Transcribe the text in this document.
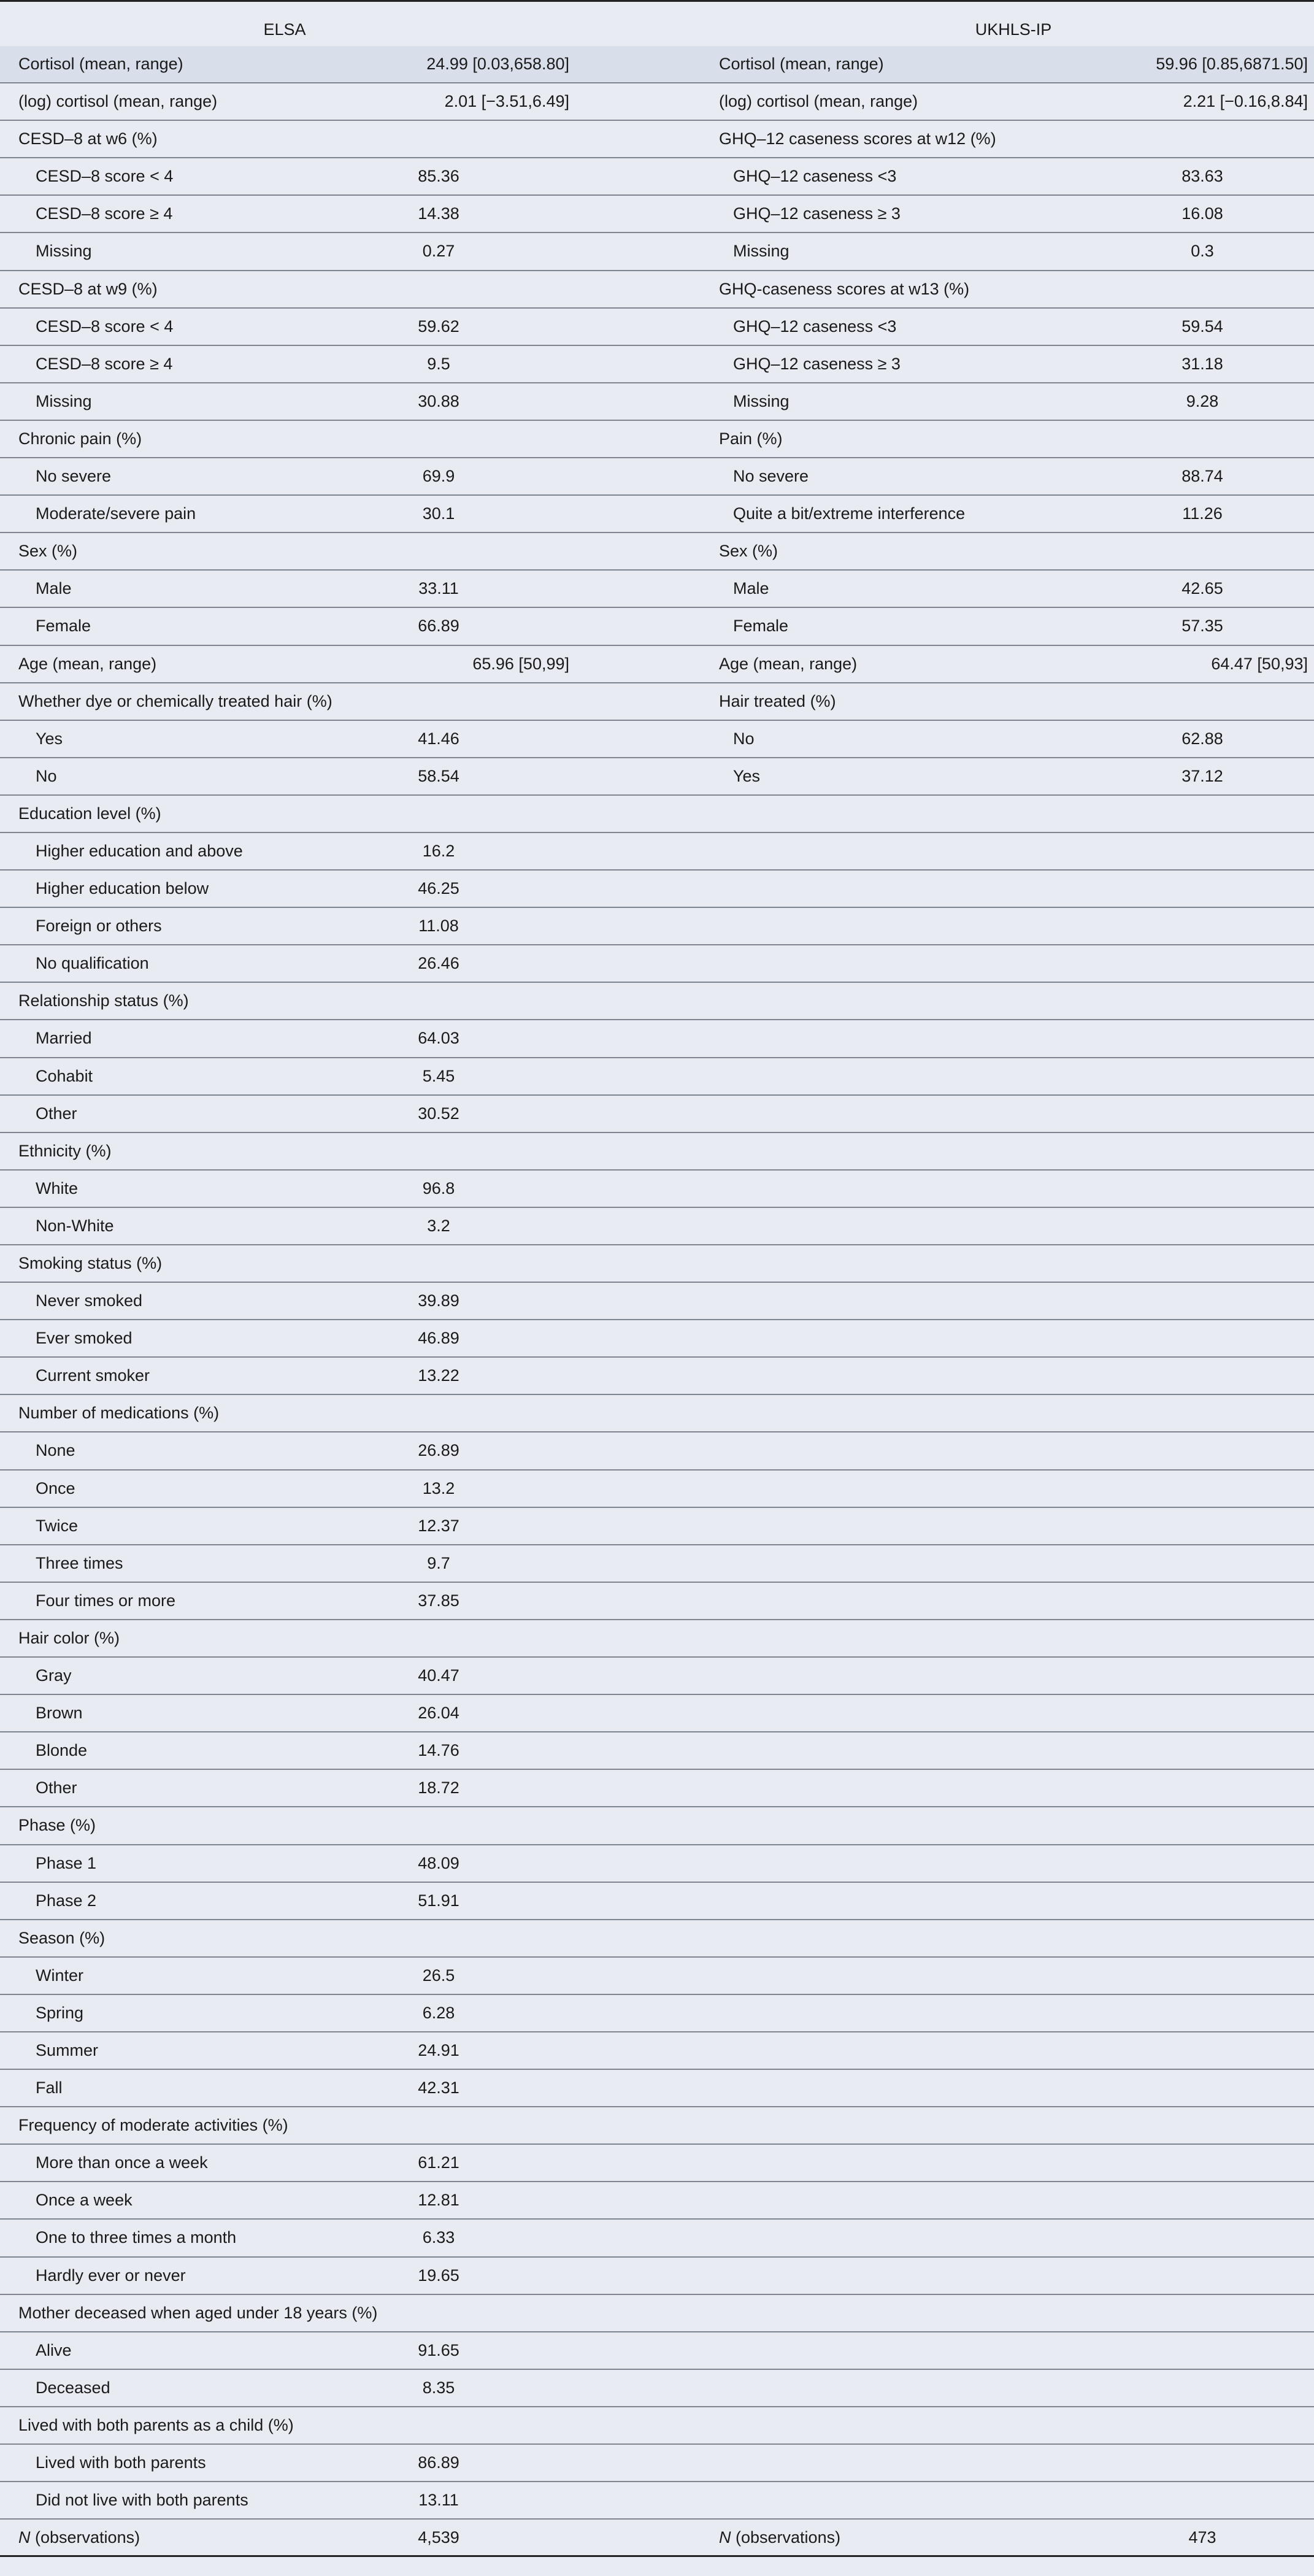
ELSA	UKHLS-IP
Cortisol (mean, range)	24.99 [0.03,658.80]	Cortisol (mean, range)	59.96 [0.85,6871.50]
(log) cortisol (mean, range)	2.01 [−3.51,6.49]	(log) cortisol (mean, range)	2.21 [−0.16,8.84]
CESD–8 at w6 (%)	GHQ–12 caseness scores at w12 (%)
CESD–8 score < 4	85.36	GHQ–12 caseness <3	83.63
CESD–8 score ≥ 4	14.38	GHQ–12 caseness ≥ 3	16.08
Missing	0.27	Missing	0.3
CESD–8 at w9 (%)	GHQ-caseness scores at w13 (%)
CESD–8 score < 4	59.62	GHQ–12 caseness <3	59.54
CESD–8 score ≥ 4	9.5	GHQ–12 caseness ≥ 3	31.18
Missing	30.88	Missing	9.28
Chronic pain (%)	Pain (%)
No severe	69.9	No severe	88.74
Moderate/severe pain	30.1	Quite a bit/extreme interference	11.26
Sex (%)	Sex (%)
Male	33.11	Male	42.65
Female	66.89	Female	57.35
Age (mean, range)	65.96 [50,99]	Age (mean, range)	64.47 [50,93]
Whether dye or chemically treated hair (%)	Hair treated (%)
Yes	41.46	No	62.88
No	58.54	Yes	37.12
Education level (%)
Higher education and above	16.2
Higher education below	46.25
Foreign or others	11.08
No qualification	26.46
Relationship status (%)
Married	64.03
Cohabit	5.45
Other	30.52
Ethnicity (%)
White	96.8
Non-White	3.2
Smoking status (%)
Never smoked	39.89
Ever smoked	46.89
Current smoker	13.22
Number of medications (%)
None	26.89
Once	13.2
Twice	12.37
Three times	9.7
Four times or more	37.85
Hair color (%)
Gray	40.47
Brown	26.04
Blonde	14.76
Other	18.72
Phase (%)
Phase 1	48.09
Phase 2	51.91
Season (%)
Winter	26.5
Spring	6.28
Summer	24.91
Fall	42.31
Frequency of moderate activities (%)
More than once a week	61.21
Once a week	12.81
One to three times a month	6.33
Hardly ever or never	19.65
Mother deceased when aged under 18 years (%)
Alive	91.65
Deceased	8.35
Lived with both parents as a child (%)
Lived with both parents	86.89
Did not live with both parents	13.11
N (observations)	4,539	N (observations)	473
